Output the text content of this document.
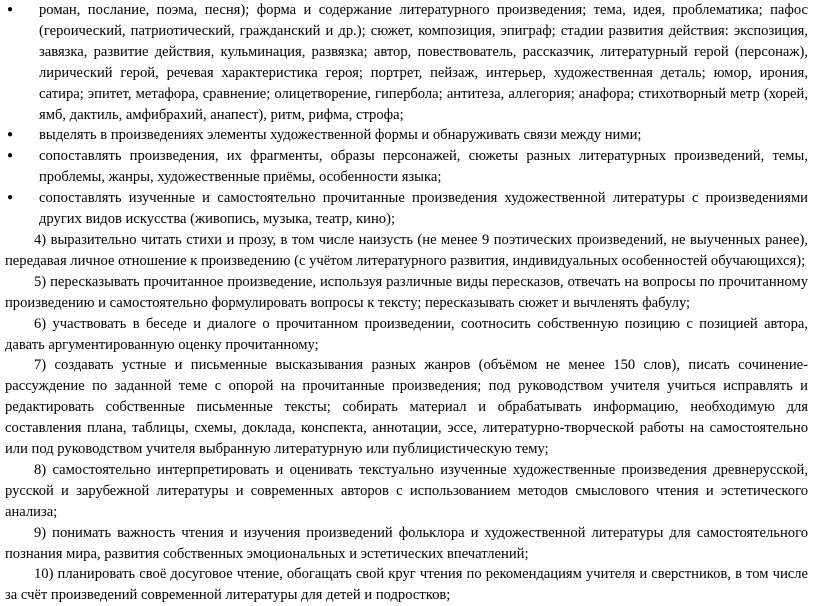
●	роман, послание, поэма, песня); форма и содержание литературного произведения; тема, идея, проблематика; пафос (героический, патриотический, гражданский и др.); сюжет, композиция, эпиграф; стадии развития действия: экспозиция, завязка, развитие действия, кульминация, развязка; автор, повествователь, рассказчик, литературный герой (персонаж), лирический герой, речевая характеристика героя; портрет, пейзаж, интерьер, художественная деталь; юмор, ирония, сатира; эпитет, метафора, сравнение; олицетворение, гипербола; антитеза, аллегория; анафора; стихотворный метр (хорей, ямб, дактиль, амфибрахий, анапест), ритм, рифма, строфа;
●	выделять в произведениях элементы художественной формы и обнаруживать связи между ними;
●	сопоставлять произведения, их фрагменты, образы персонажей, сюжеты разных литературных произведений, темы, проблемы, жанры, художественные приёмы, особенности языка;
●	сопоставлять изученные и самостоятельно прочитанные произведения художественной литературы с произведениями других видов искусства (живопись, музыка, театр, кино);

4) выразительно читать стихи и прозу, в том числе наизусть (не менее 9 поэтических произведений, не выученных ранее), передавая личное отношение к произведению (с учётом литературного развития, индивидуальных особенностей обучающихся);

5) пересказывать прочитанное произведение, используя различные виды пересказов, отвечать на вопросы по прочитанному произведению и самостоятельно формулировать вопросы к тексту; пересказывать сюжет и вычленять фабулу;

6) участвовать в беседе и диалоге о прочитанном произведении, соотносить собственную позицию с позицией автора, давать аргументированную оценку прочитанному;

7) создавать устные и письменные высказывания разных жанров (объёмом не менее 150 слов), писать сочинение-рассуждение по заданной теме с опорой на прочитанные произведения; под руководством учителя учиться исправлять и редактировать собственные письменные тексты; собирать материал и обрабатывать информацию, необходимую для составления плана, таблицы, схемы, доклада, конспекта, аннотации, эссе, литературно-творческой работы на самостоятельно или под руководством учителя выбранную литературную или публицистическую тему;

8) самостоятельно интерпретировать и оценивать текстуально изученные художественные произведения древнерусской, русской и зарубежной литературы и современных авторов с использованием методов смыслового чтения и эстетического анализа;

9) понимать важность чтения и изучения произведений фольклора и художественной литературы для самостоятельного познания мира, развития собственных эмоциональных и эстетических впечатлений;

10) планировать своё досуговое чтение, обогащать свой круг чтения по рекомендациям учителя и сверстников, в том числе за счёт произведений современной литературы для детей и подростков;
